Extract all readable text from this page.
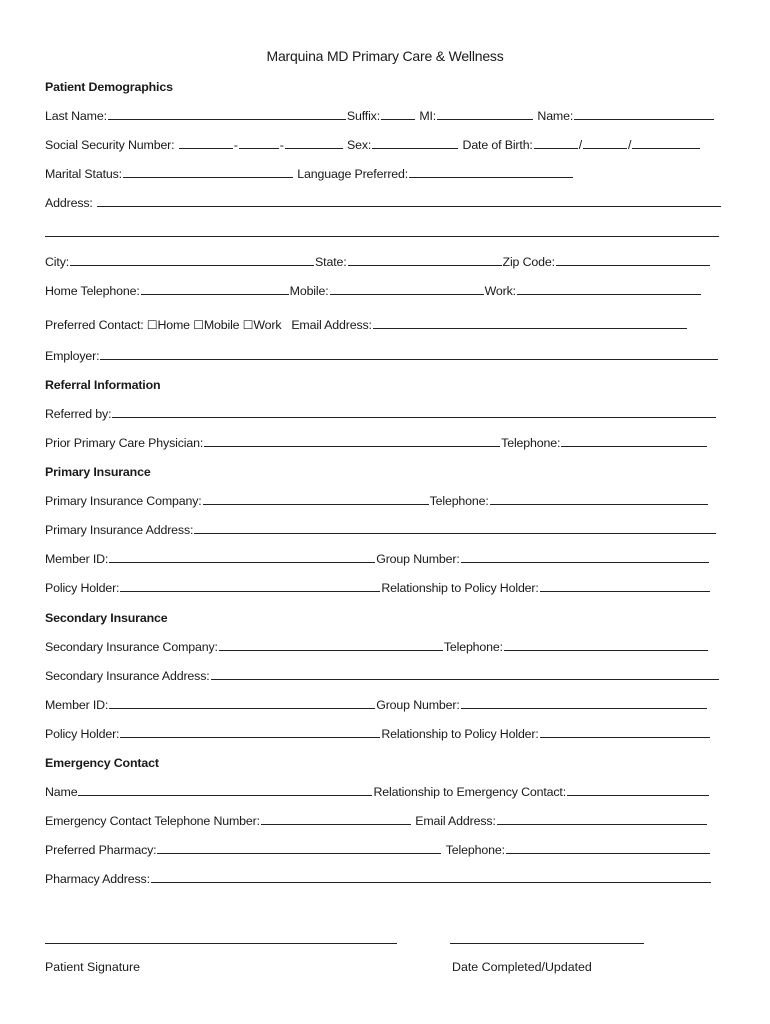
Marquina MD Primary Care & Wellness
Patient Demographics
Last Name:	Suffix:	MI:	Name:
Social Security Number:	-	-	Sex:	Date of Birth:	/	/
Marital Status:	Language Preferred:
Address:
City:	State:	Zip Code:
Home Telephone:	Mobile:	Work:
Preferred Contact: ☐Home ☐Mobile ☐Work Email Address:
Employer:
Referral Information
Referred by:
Prior Primary Care Physician:	Telephone:
Primary Insurance
Primary Insurance Company:	Telephone:
Primary Insurance Address:
Member ID:	Group Number:
Policy Holder:	Relationship to Policy Holder:
Secondary Insurance
Secondary Insurance Company:	Telephone:
Secondary Insurance Address:
Member ID:	Group Number:
Policy Holder:	Relationship to Policy Holder:
Emergency Contact
Name	Relationship to Emergency Contact:
Emergency Contact Telephone Number:	Email Address:
Preferred Pharmacy:	Telephone:
Pharmacy Address:
Patient Signature	Date Completed/Updated
